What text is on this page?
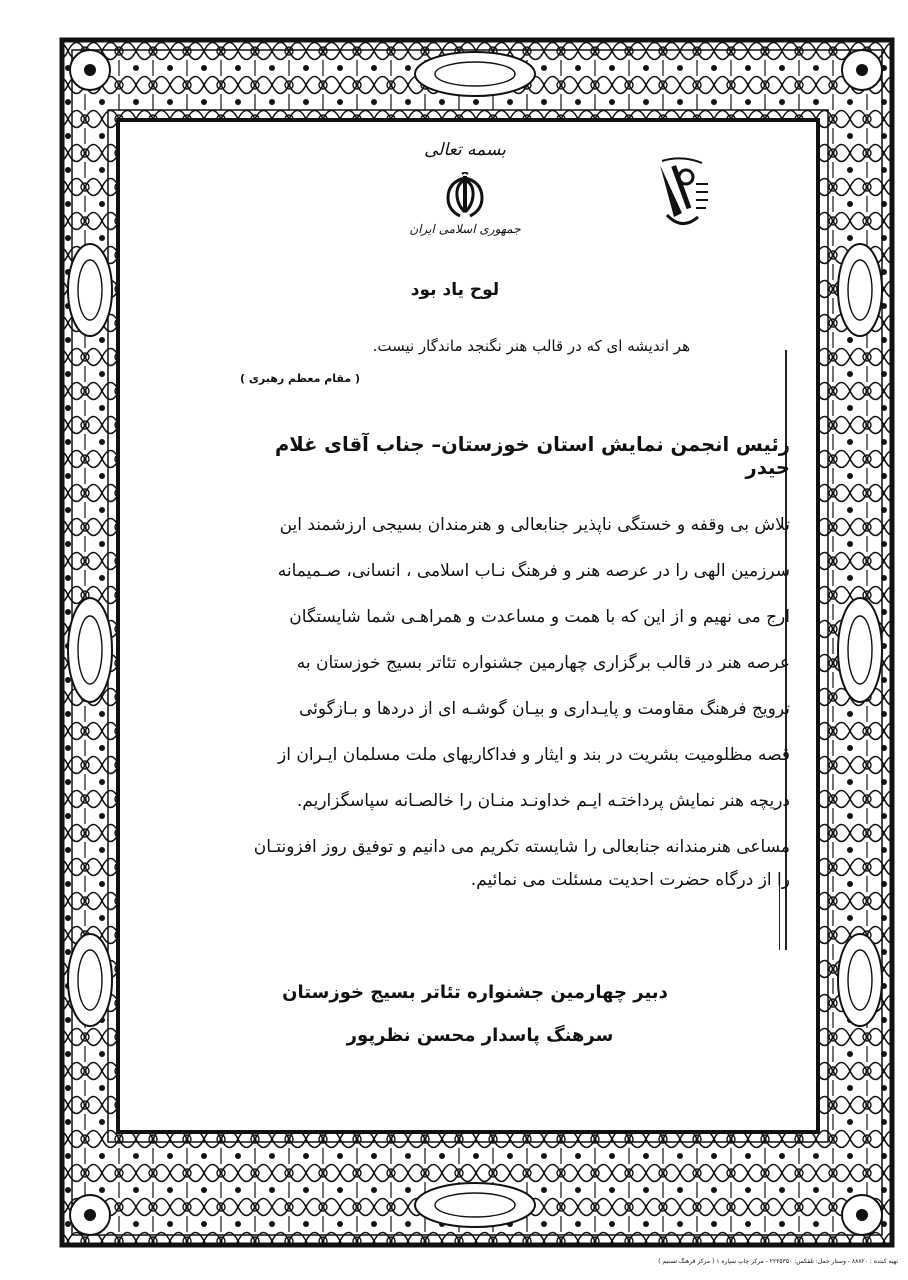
بسمه تعالی
جمهوری اسلامی ایران
لوح یاد بود
هر اندیشه ای که در قالب هنر نگنجد ماندگار نیست.
( مقام معظم رهبری )
رئیس انجمن نمایش استان خوزستان– جناب آقای غلام حیدر
تلاش بی وقفه و خستگی ناپذیر جنابعالی و هنرمندان بسیجی ارزشمند این
سرزمین الهی را در عرصه هنر و فرهنگ نـاب اسلامی ، انسانی، صـمیمانه
ارج می نهیم و از این که با همت و مساعدت و همراهـی شما شایستگان
عرصه هنر در قالب برگزاری چهارمین جشنواره تئاتر بسیج خوزستان به
ترویج فرهنگ مقاومت و پایـداری و بیـان گوشـه ای از دردها و بـازگوئی
قصه مظلومیت بشریت در بند و ایثار و فداکاریهای ملت مسلمان ایـران از
دریچه هنر نمایش پرداختـه ایـم خداونـد منـان را خالصـانه سپاسگزاریم.
مساعی هنرمندانه جنابعالی را شایسته تکریم می دانیم و توفیق روز افزونتـان
را از درگاه حضرت احدیت مسئلت می نمائیم.
دبیر چهارمین جشنواره تئاتر بسیج خوزستان
سرهنگ پاسدار محسن نظرپور
تهیه کننده : ۸۸۸۲۰ - وستار حمل: تلفکس: ۲۲۳۵۳۵۰ - مرکز چاپ سپاره ۱ ( مرکز فرهنگ تسنیم )
